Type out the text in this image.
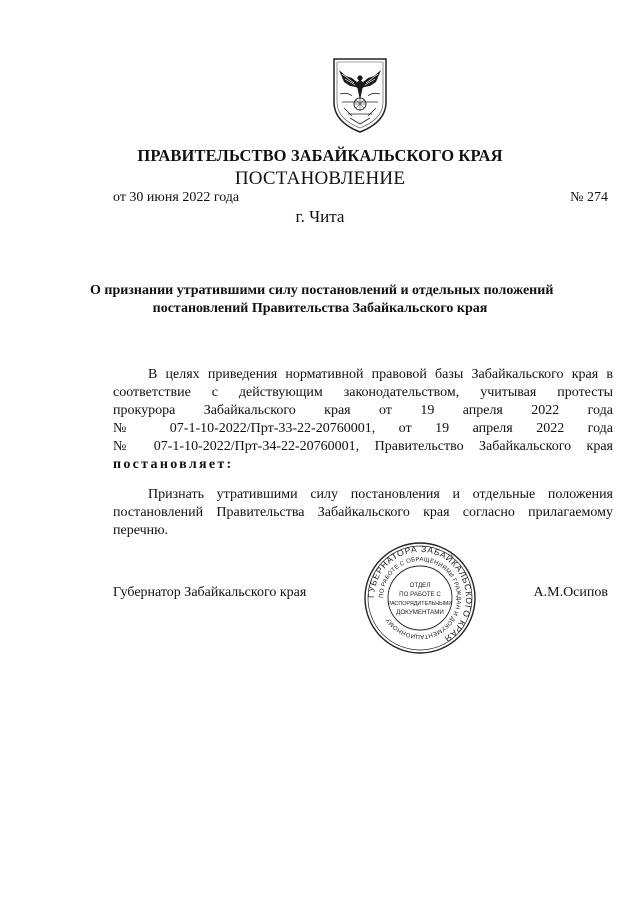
ПРАВИТЕЛЬСТВО ЗАБАЙКАЛЬСКОГО КРАЯ
ПОСТАНОВЛЕНИЕ
от 30 июня 2022 года	№ 274
г. Чита
О признании утратившими силу постановлений и отдельных положений
постановлений Правительства Забайкальского края
В целях приведения нормативной правовой базы Забайкальского края в
соответствие с действующим законодательством, учитывая протесты
прокурора Забайкальского края от 19 апреля 2022 года
№ 07-1-10-2022/Прт-33-22-20760001, от 19 апреля 2022 года
№ 07-1-10-2022/Прт-34-22-20760001, Правительство Забайкальского края
постановляет:
Признать утратившими силу постановления и отдельные положения
постановлений Правительства Забайкальского края согласно прилагаемому
перечню.
Губернатор Забайкальского края	А.М.Осипов
ГУБЕРНАТОРА ЗАБАЙКАЛЬСКОГО КРАЯ
ПО РАБОТЕ С ОБРАЩЕНИЯМИ ГРАЖДАН И ДОКУМЕНТАЦИОННОМУ
ОТДЕЛ
ПО РАБОТЕ С
РАСПОРЯДИТЕЛЬНЫМИ
ДОКУМЕНТАМИ
